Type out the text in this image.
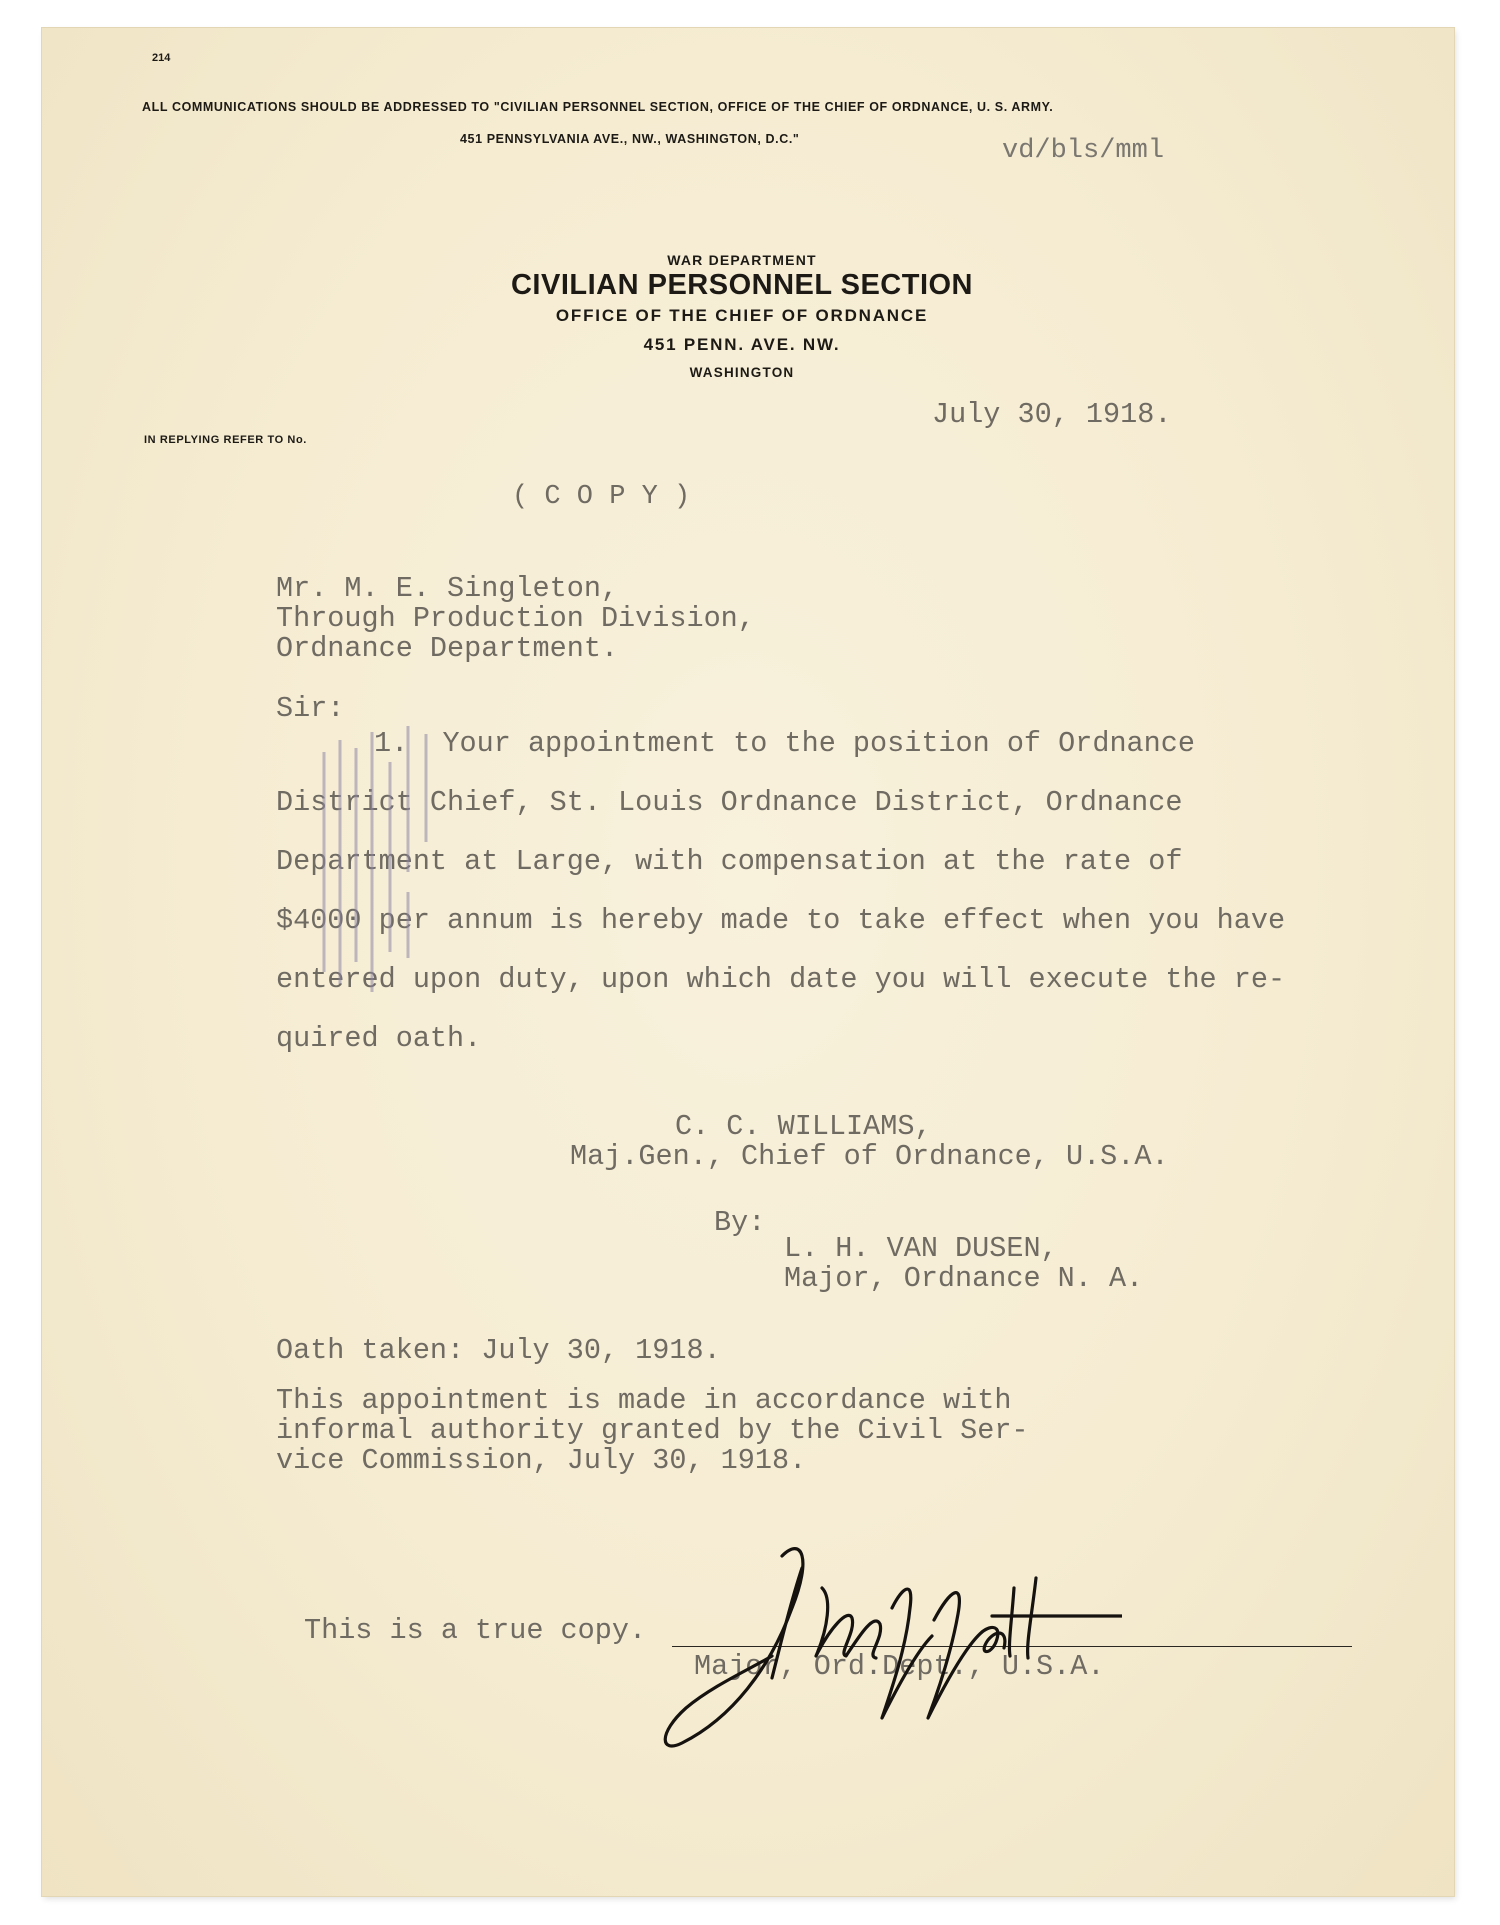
214
ALL COMMUNICATIONS SHOULD BE ADDRESSED TO "CIVILIAN PERSONNEL SECTION, OFFICE OF THE CHIEF OF ORDNANCE, U. S. ARMY.
451 PENNSYLVANIA AVE., NW., WASHINGTON, D.C."	vd/bls/mml
WAR DEPARTMENT
CIVILIAN PERSONNEL SECTION
OFFICE OF THE CHIEF OF ORDNANCE
451 PENN. AVE. NW.
WASHINGTON
IN REPLYING REFER TO No.
July 30, 1918.
( C O P Y )
Mr. M. E. Singleton,
Through Production Division,
Ordnance Department.
Sir:
1. Your appointment to the position of Ordnance
District Chief, St. Louis Ordnance District, Ordnance
Department at Large, with compensation at the rate of
$4000 per annum is hereby made to take effect when you have
entered upon duty, upon which date you will execute the re-
quired oath.
C. C. WILLIAMS,
Maj.Gen., Chief of Ordnance, U.S.A.
By:
L. H. VAN DUSEN,
Major, Ordnance N. A.
Oath taken: July 30, 1918.
This appointment is made in accordance with
informal authority granted by the Civil Ser-
vice Commission, July 30, 1918.
This is a true copy.
Major, Ord.Dept., U.S.A.
